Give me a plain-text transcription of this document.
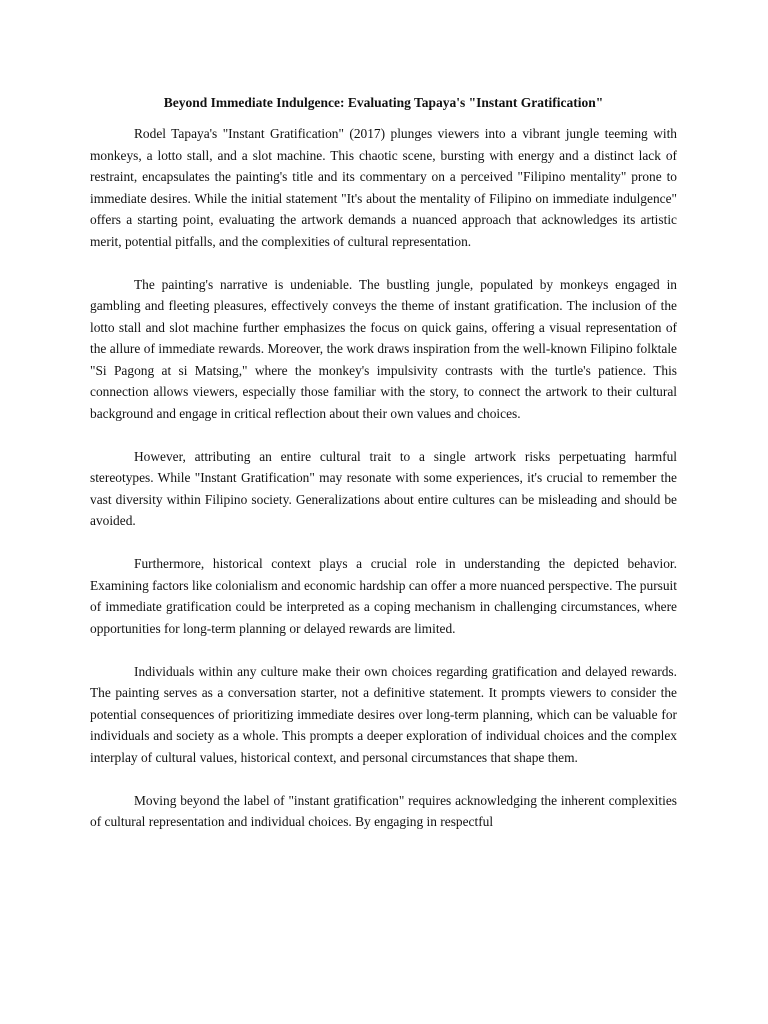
Beyond Immediate Indulgence: Evaluating Tapaya's "Instant Gratification"

Rodel Tapaya's "Instant Gratification" (2017) plunges viewers into a vibrant jungle teeming with monkeys, a lotto stall, and a slot machine. This chaotic scene, bursting with energy and a distinct lack of restraint, encapsulates the painting's title and its commentary on a perceived "Filipino mentality" prone to immediate desires. While the initial statement "It's about the mentality of Filipino on immediate indulgence" offers a starting point, evaluating the artwork demands a nuanced approach that acknowledges its artistic merit, potential pitfalls, and the complexities of cultural representation.

The painting's narrative is undeniable. The bustling jungle, populated by monkeys engaged in gambling and fleeting pleasures, effectively conveys the theme of instant gratification. The inclusion of the lotto stall and slot machine further emphasizes the focus on quick gains, offering a visual representation of the allure of immediate rewards. Moreover, the work draws inspiration from the well-known Filipino folktale "Si Pagong at si Matsing," where the monkey's impulsivity contrasts with the turtle's patience. This connection allows viewers, especially those familiar with the story, to connect the artwork to their cultural background and engage in critical reflection about their own values and choices.

However, attributing an entire cultural trait to a single artwork risks perpetuating harmful stereotypes. While "Instant Gratification" may resonate with some experiences, it's crucial to remember the vast diversity within Filipino society. Generalizations about entire cultures can be misleading and should be avoided.

Furthermore, historical context plays a crucial role in understanding the depicted behavior. Examining factors like colonialism and economic hardship can offer a more nuanced perspective. The pursuit of immediate gratification could be interpreted as a coping mechanism in challenging circumstances, where opportunities for long-term planning or delayed rewards are limited.

Individuals within any culture make their own choices regarding gratification and delayed rewards. The painting serves as a conversation starter, not a definitive statement. It prompts viewers to consider the potential consequences of prioritizing immediate desires over long-term planning, which can be valuable for individuals and society as a whole. This prompts a deeper exploration of individual choices and the complex interplay of cultural values, historical context, and personal circumstances that shape them.

Moving beyond the label of "instant gratification" requires acknowledging the inherent complexities of cultural representation and individual choices. By engaging in respectful
